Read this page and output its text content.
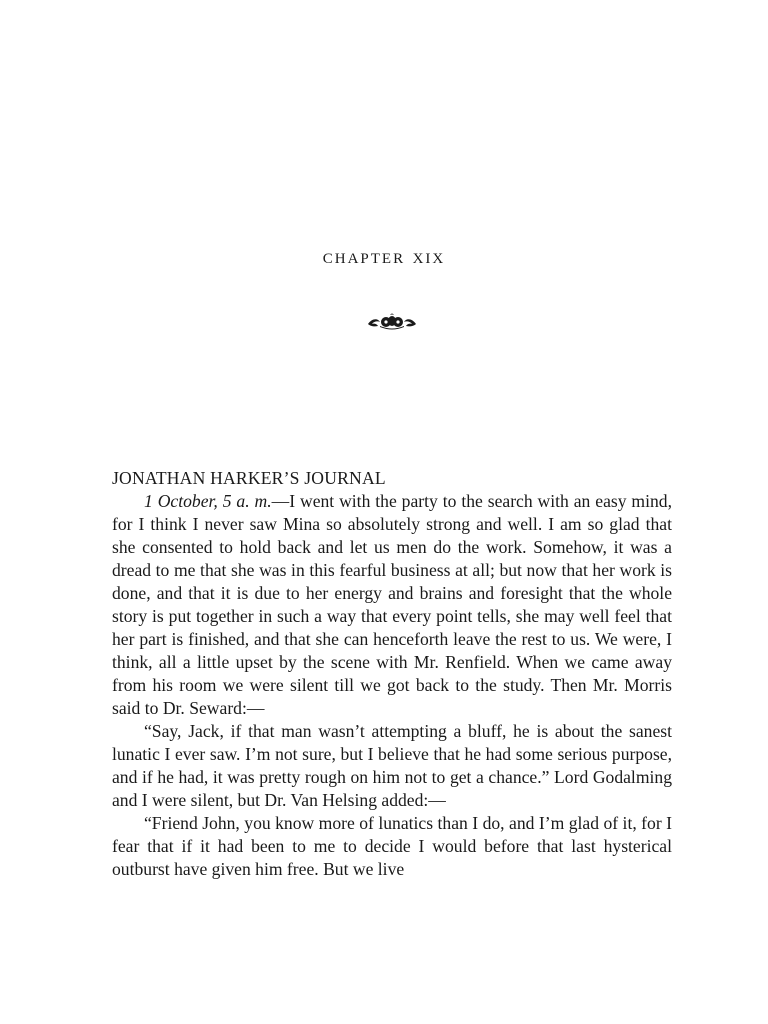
chapter xix
JONATHAN HARKER’S JOURNAL

1 October, 5 a. m.—I went with the party to the search with an easy mind, for I think I never saw Mina so absolutely strong and well. I am so glad that she consented to hold back and let us men do the work. Somehow, it was a dread to me that she was in this fearful business at all; but now that her work is done, and that it is due to her energy and brains and foresight that the whole story is put together in such a way that every point tells, she may well feel that her part is finished, and that she can henceforth leave the rest to us. We were, I think, all a little upset by the scene with Mr. Renfield. When we came away from his room we were silent till we got back to the study. Then Mr. Morris said to Dr. Seward:—

“Say, Jack, if that man wasn’t attempting a bluff, he is about the sanest lunatic I ever saw. I’m not sure, but I believe that he had some serious purpose, and if he had, it was pretty rough on him not to get a chance.” Lord Godalming and I were silent, but Dr. Van Helsing added:—

“Friend John, you know more of lunatics than I do, and I’m glad of it, for I fear that if it had been to me to decide I would before that last hysterical outburst have given him free. But we live
